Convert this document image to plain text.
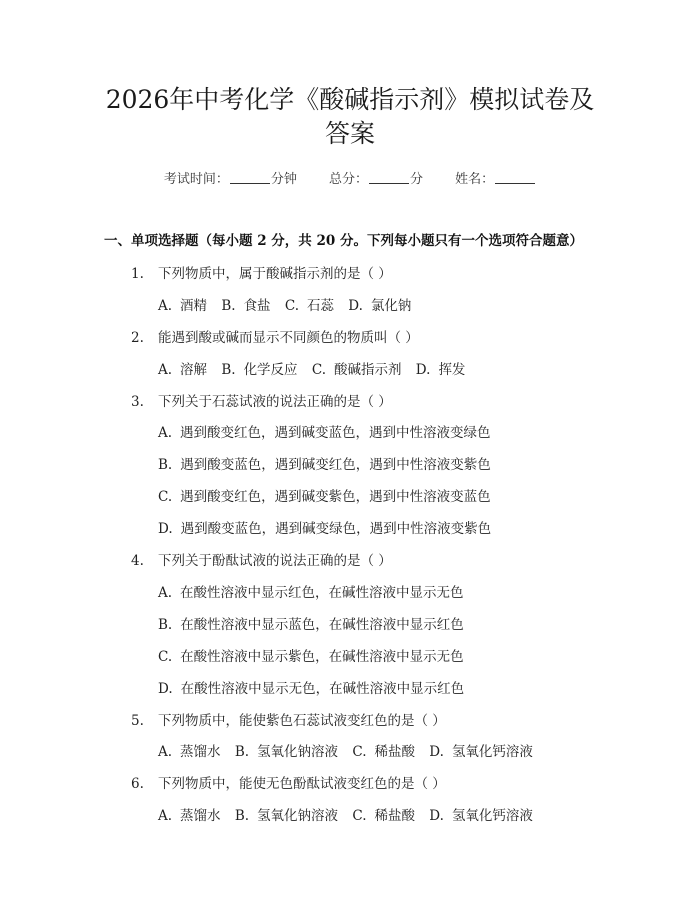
2026年中考化学《酸碱指示剂》模拟试卷及
答案
考试时间：	分钟 总分：	分 姓名：
一、单项选择题（每小题 2 分，共 20 分。下列每小题只有一个选项符合题意）
1. 下列物质中，属于酸碱指示剂的是（ ）
A. 酒精 B. 食盐 C. 石蕊 D. 氯化钠
2. 能遇到酸或碱而显示不同颜色的物质叫（ ）
A. 溶解 B. 化学反应 C. 酸碱指示剂 D. 挥发
3. 下列关于石蕊试液的说法正确的是（ ）
A. 遇到酸变红色，遇到碱变蓝色，遇到中性溶液变绿色
B. 遇到酸变蓝色，遇到碱变红色，遇到中性溶液变紫色
C. 遇到酸变红色，遇到碱变紫色，遇到中性溶液变蓝色
D. 遇到酸变蓝色，遇到碱变绿色，遇到中性溶液变紫色
4. 下列关于酚酞试液的说法正确的是（ ）
A. 在酸性溶液中显示红色，在碱性溶液中显示无色
B. 在酸性溶液中显示蓝色，在碱性溶液中显示红色
C. 在酸性溶液中显示紫色，在碱性溶液中显示无色
D. 在酸性溶液中显示无色，在碱性溶液中显示红色
5. 下列物质中，能使紫色石蕊试液变红色的是（ ）
A. 蒸馏水 B. 氢氧化钠溶液 C. 稀盐酸 D. 氢氧化钙溶液
6. 下列物质中，能使无色酚酞试液变红色的是（ ）
A. 蒸馏水 B. 氢氧化钠溶液 C. 稀盐酸 D. 氢氧化钙溶液
